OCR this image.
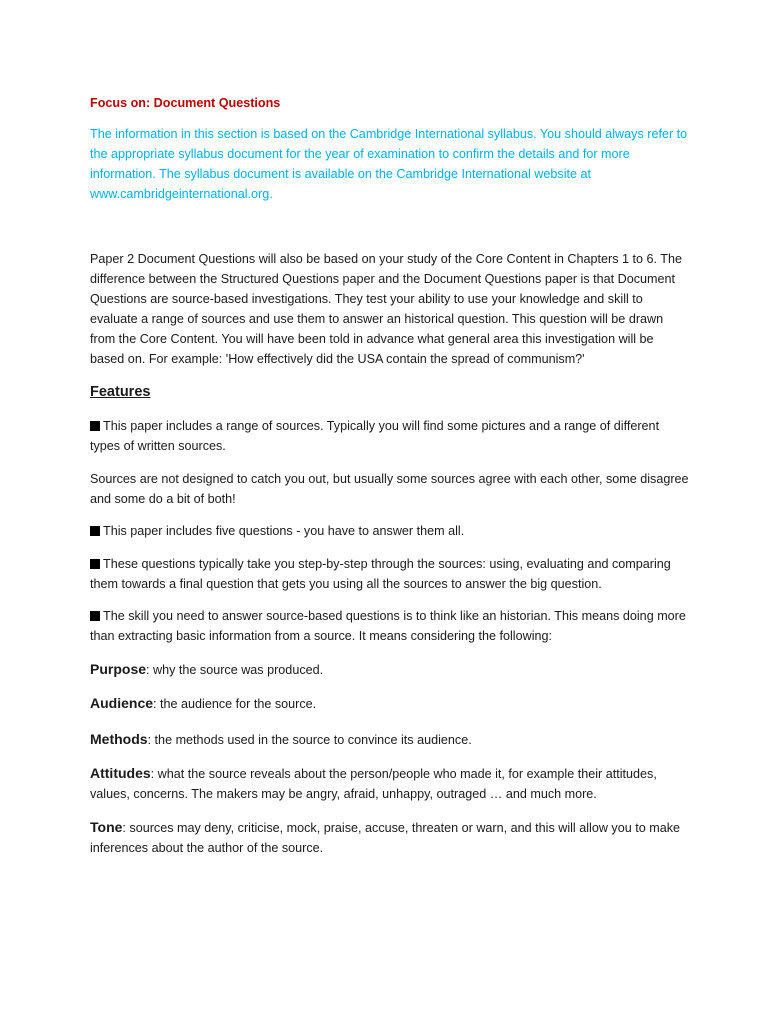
Focus on: Document Questions

The information in this section is based on the Cambridge International syllabus. You should always refer to the appropriate syllabus document for the year of examination to confirm the details and for more information. The syllabus document is available on the Cambridge International website at www.cambridgeinternational.org.

Paper 2 Document Questions will also be based on your study of the Core Content in Chapters 1 to 6. The difference between the Structured Questions paper and the Document Questions paper is that Document Questions are source-based investigations. They test your ability to use your knowledge and skill to evaluate a range of sources and use them to answer an historical question. This question will be drawn from the Core Content. You will have been told in advance what general area this investigation will be based on. For example: 'How effectively did the USA contain the spread of communism?'

Features

This paper includes a range of sources. Typically you will find some pictures and a range of different types of written sources.

Sources are not designed to catch you out, but usually some sources agree with each other, some disagree and some do a bit of both!

This paper includes five questions - you have to answer them all.

These questions typically take you step-by-step through the sources: using, evaluating and comparing them towards a final question that gets you using all the sources to answer the big question.

The skill you need to answer source-based questions is to think like an historian. This means doing more than extracting basic information from a source. It means considering the following:

Purpose: why the source was produced.

Audience: the audience for the source.

Methods: the methods used in the source to convince its audience.

Attitudes: what the source reveals about the person/people who made it, for example their attitudes, values, concerns. The makers may be angry, afraid, unhappy, outraged … and much more.

Tone: sources may deny, criticise, mock, praise, accuse, threaten or warn, and this will allow you to make inferences about the author of the source.
